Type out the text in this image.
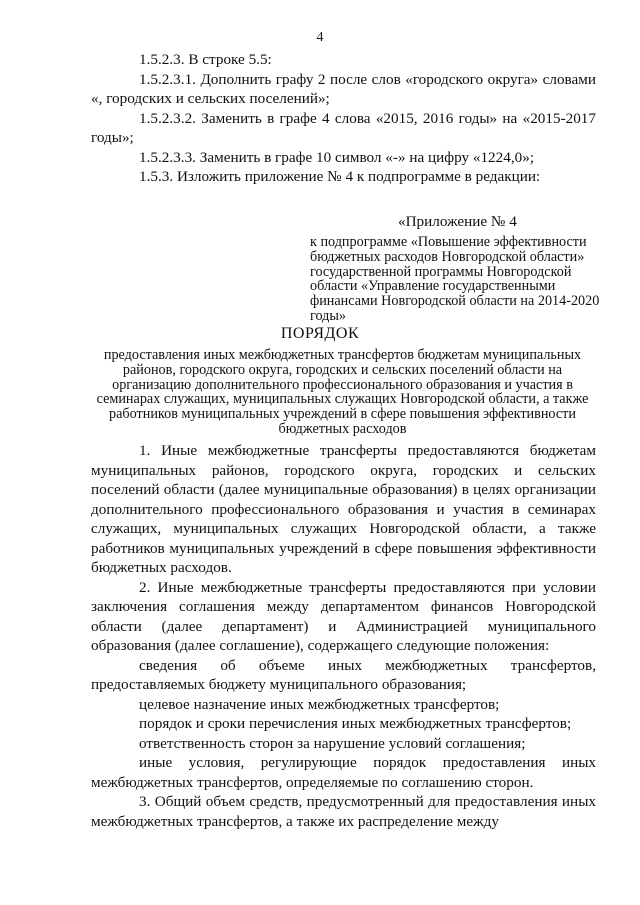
4

1.5.2.3. В строке 5.5:

1.5.2.3.1. Дополнить графу 2 после слов «городского округа» словами «, городских и сельских поселений»;

1.5.2.3.2. Заменить в графе 4 слова «2015, 2016 годы» на «2015-2017 годы»;

1.5.2.3.3. Заменить в графе 10 символ «-» на цифру «1224,0»;

1.5.3. Изложить приложение № 4 к подпрограмме в редакции:

«Приложение № 4
к подпрограмме «Повышение эффективности бюджетных расходов Новгородской области» государственной программы Новгородской области «Управление государственными финансами Новгородской области на 2014-2020 годы»
ПОРЯДОК
предоставления иных межбюджетных трансфертов бюджетам муниципальных районов, городского округа, городских и сельских поселений области на организацию дополнительного профессионального образования и участия в семинарах служащих, муниципальных служащих Новгородской области, а также работников муниципальных учреждений в сфере повышения эффективности бюджетных расходов

1. Иные межбюджетные трансферты предоставляются бюджетам муниципальных районов, городского округа, городских и сельских поселений области (далее муниципальные образования) в целях организации дополнительного профессионального образования и участия в семинарах служащих, муниципальных служащих Новгородской области, а также работников муниципальных учреждений в сфере повышения эффективности бюджетных расходов.

2. Иные межбюджетные трансферты предоставляются при условии заключения соглашения между департаментом финансов Новгородской области (далее департамент) и Администрацией муниципального образования (далее соглашение), содержащего следующие положения:

сведения об объеме иных межбюджетных трансфертов, предоставляемых бюджету муниципального образования;

целевое назначение иных межбюджетных трансфертов;

порядок и сроки перечисления иных межбюджетных трансфертов;

ответственность сторон за нарушение условий соглашения;

иные условия, регулирующие порядок предоставления иных межбюджетных трансфертов, определяемые по соглашению сторон.

3. Общий объем средств, предусмотренный для предоставления иных межбюджетных трансфертов, а также их распределение между
